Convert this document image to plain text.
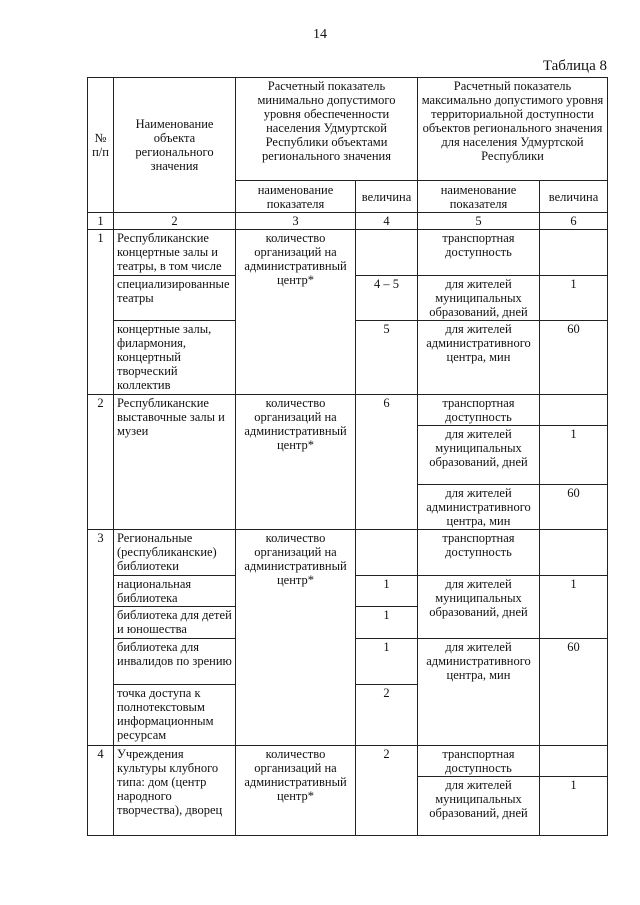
14
Таблица 8
№ п/п	Наименование объекта регионального значения	Расчетный показатель минимально допустимого уровня обеспеченности населения Удмуртской Республики объектами регионального значения		Расчетный показатель максимально допустимого уровня территориальной доступности объектов регионального значения для населения Удмуртской Республики	
		наименование показателя	величина	наименование показателя	величина
1	2	3	4	5	6
1	Республиканские концертные залы и театры, в том числе	количество организаций на административный центр*		транспортная доступность	
	специализированные театры		4 – 5	для жителей муниципальных образований, дней	1
	концертные залы, филармония, концертный творческий коллектив		5	для жителей административного центра, мин	60
2	Республиканские выставочные залы и музеи	количество организаций на административный центр*	6	транспортная доступность	
				для жителей муниципальных образований, дней	1
				для жителей административного центра, мин	60
3	Региональные (республиканские) библиотеки	количество организаций на административный центр*		транспортная доступность	
	национальная библиотека		1	для жителей муниципальных образований, дней	1
	библиотека для детей и юношества		1		
	библиотека для инвалидов по зрению		1	для жителей административного центра, мин	60
	точка доступа к полнотекстовым информационным ресурсам		2		
4	Учреждения культуры клубного типа: дом (центр народного творчества), дворец	количество организаций на административный центр*	2	транспортная доступность	
				для жителей муниципальных образований, дней	1
